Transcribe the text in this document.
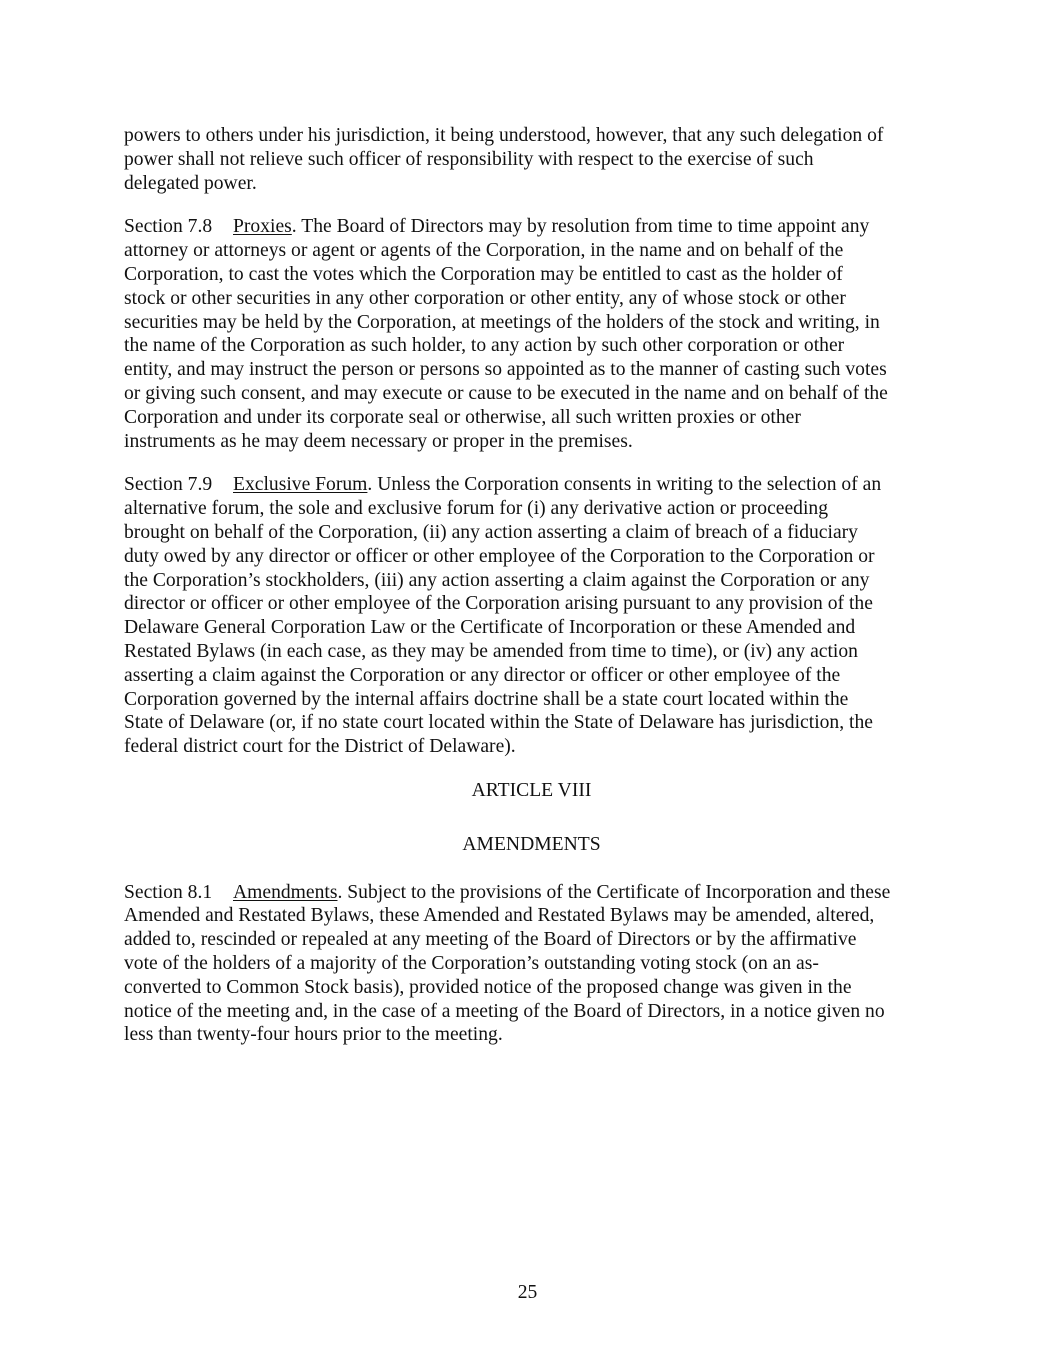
powers to others under his jurisdiction, it being understood, however, that any such delegation of
power shall not relieve such officer of responsibility with respect to the exercise of such
delegated power.

Section 7.8 Proxies. The Board of Directors may by resolution from time to time appoint any
attorney or attorneys or agent or agents of the Corporation, in the name and on behalf of the
Corporation, to cast the votes which the Corporation may be entitled to cast as the holder of
stock or other securities in any other corporation or other entity, any of whose stock or other
securities may be held by the Corporation, at meetings of the holders of the stock and writing, in
the name of the Corporation as such holder, to any action by such other corporation or other
entity, and may instruct the person or persons so appointed as to the manner of casting such votes
or giving such consent, and may execute or cause to be executed in the name and on behalf of the
Corporation and under its corporate seal or otherwise, all such written proxies or other
instruments as he may deem necessary or proper in the premises.

Section 7.9 Exclusive Forum. Unless the Corporation consents in writing to the selection of an
alternative forum, the sole and exclusive forum for (i) any derivative action or proceeding
brought on behalf of the Corporation, (ii) any action asserting a claim of breach of a fiduciary
duty owed by any director or officer or other employee of the Corporation to the Corporation or
the Corporation’s stockholders, (iii) any action asserting a claim against the Corporation or any
director or officer or other employee of the Corporation arising pursuant to any provision of the
Delaware General Corporation Law or the Certificate of Incorporation or these Amended and
Restated Bylaws (in each case, as they may be amended from time to time), or (iv) any action
asserting a claim against the Corporation or any director or officer or other employee of the
Corporation governed by the internal affairs doctrine shall be a state court located within the
State of Delaware (or, if no state court located within the State of Delaware has jurisdiction, the
federal district court for the District of Delaware).

ARTICLE VIII

AMENDMENTS

Section 8.1 Amendments. Subject to the provisions of the Certificate of Incorporation and these
Amended and Restated Bylaws, these Amended and Restated Bylaws may be amended, altered,
added to, rescinded or repealed at any meeting of the Board of Directors or by the affirmative
vote of the holders of a majority of the Corporation’s outstanding voting stock (on an as-
converted to Common Stock basis), provided notice of the proposed change was given in the
notice of the meeting and, in the case of a meeting of the Board of Directors, in a notice given no
less than twenty-four hours prior to the meeting.

25
